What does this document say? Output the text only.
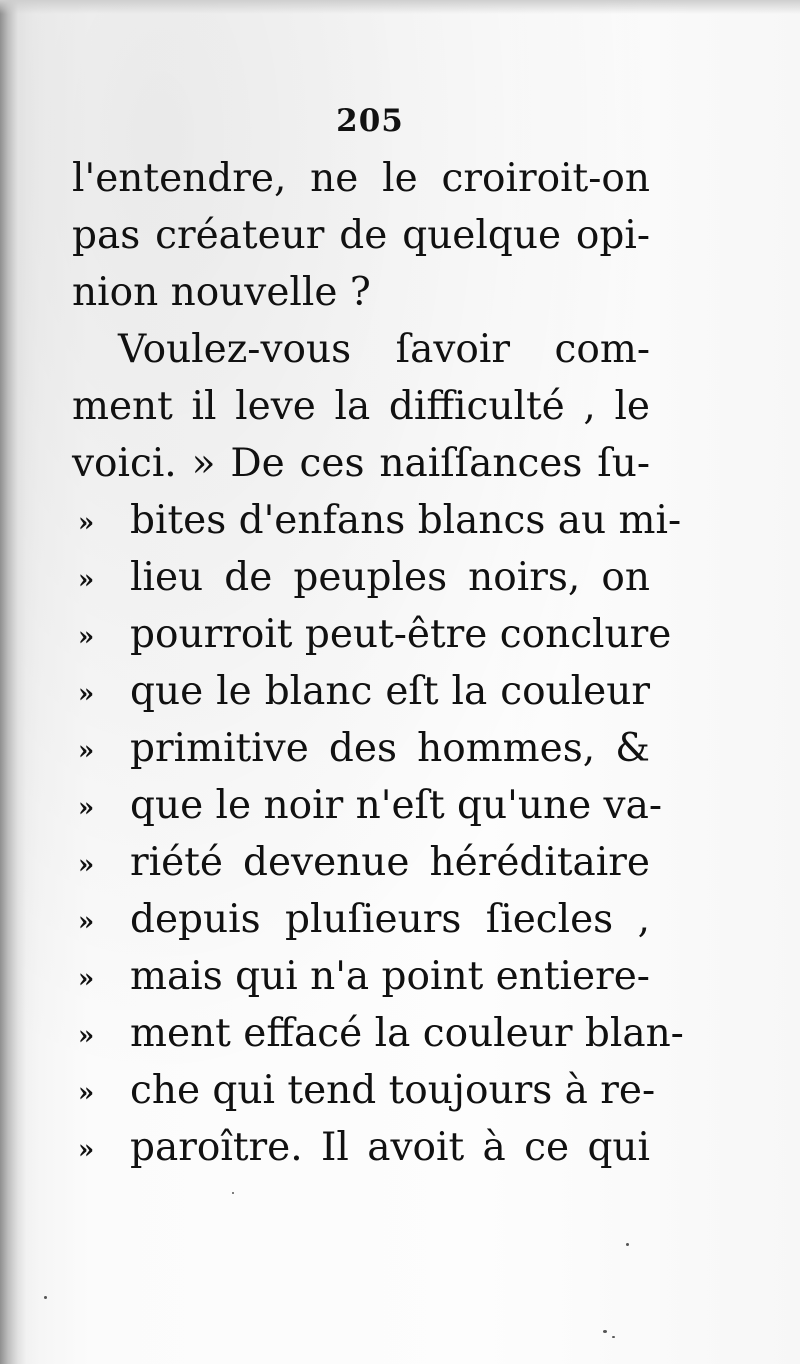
205
l'entendre, ne le croiroit-on
pas créateur de quelque opi-
nion nouvelle ?
Voulez-vous ſavoir com-
ment il leve la difficulté , le
voici. » De ces naiſſances ſu-
» bites d'enfans blancs au mi-
» lieu de peuples noirs, on
» pourroit peut-être conclure
» que le blanc eſt la couleur
» primitive des hommes, &
» que le noir n'eſt qu'une va-
» riété devenue héréditaire
» depuis pluſieurs ſiecles ,
» mais qui n'a point entiere-
» ment effacé la couleur blan-
» che qui tend toujours à re-
» paroître. Il avoit à ce qui
